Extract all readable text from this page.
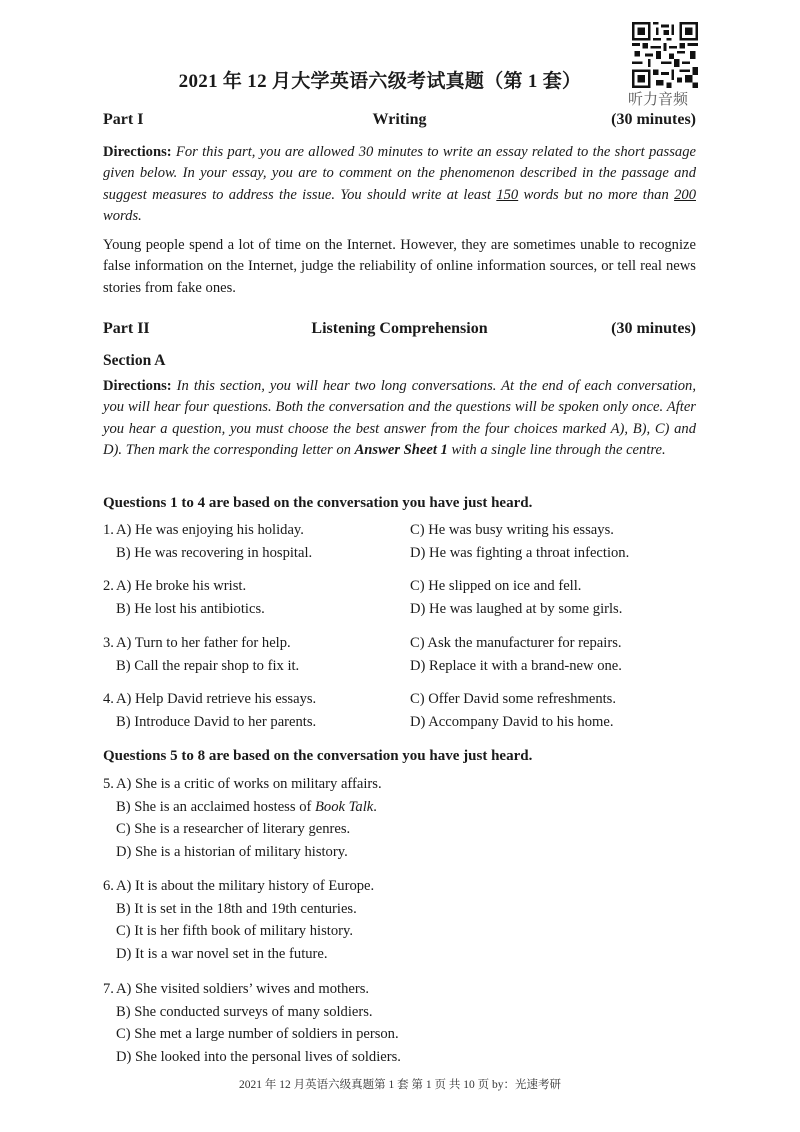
2021 年 12 月大学英语六级考试真题（第 1 套）
听力音频
Part I	Writing	(30 minutes)
Directions: For this part, you are allowed 30 minutes to write an essay related to the short passage given below. In your essay, you are to comment on the phenomenon described in the passage and suggest measures to address the issue. You should write at least 150 words but no more than 200 words.
Young people spend a lot of time on the Internet. However, they are sometimes unable to recognize false information on the Internet, judge the reliability of online information sources, or tell real news stories from fake ones.
Part II	Listening Comprehension	(30 minutes)
Section A
Directions: In this section, you will hear two long conversations. At the end of each conversation, you will hear four questions. Both the conversation and the questions will be spoken only once. After you hear a question, you must choose the best answer from the four choices marked A), B), C) and D). Then mark the corresponding letter on Answer Sheet 1 with a single line through the centre.
Questions 1 to 4 are based on the conversation you have just heard.
1. A) He was enjoying his holiday.	C) He was busy writing his essays.
B) He was recovering in hospital.	D) He was fighting a throat infection.
2. A) He broke his wrist.	C) He slipped on ice and fell.
B) He lost his antibiotics.	D) He was laughed at by some girls.
3. A) Turn to her father for help.	C) Ask the manufacturer for repairs.
B) Call the repair shop to fix it.	D) Replace it with a brand-new one.
4. A) Help David retrieve his essays.	C) Offer David some refreshments.
B) Introduce David to her parents.	D) Accompany David to his home.
Questions 5 to 8 are based on the conversation you have just heard.
5. A) She is a critic of works on military affairs.
B) She is an acclaimed hostess of Book Talk.
C) She is a researcher of literary genres.
D) She is a historian of military history.
6. A) It is about the military history of Europe.
B) It is set in the 18th and 19th centuries.
C) It is her fifth book of military history.
D) It is a war novel set in the future.
7. A) She visited soldiers’ wives and mothers.
B) She conducted surveys of many soldiers.
C) She met a large number of soldiers in person.
D) She looked into the personal lives of soldiers.
2021 年 12 月英语六级真题第 1 套 第 1 页 共 10 页 by：光速考研
